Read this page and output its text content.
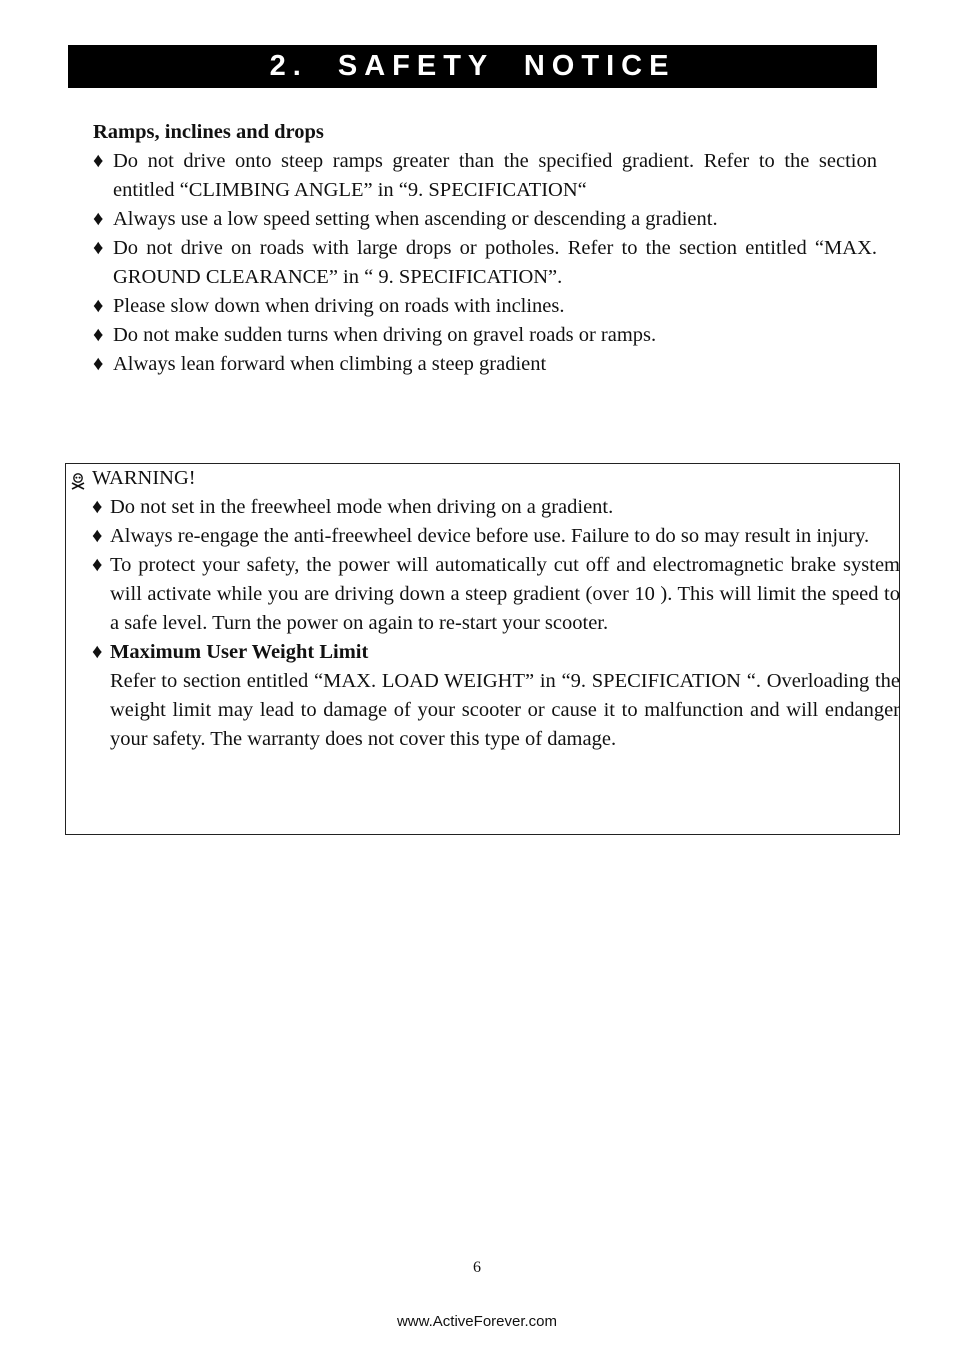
2.  SAFETY  NOTICE

Ramps, inclines and drops

♦ Do not drive onto steep ramps greater than the specified gradient. Refer to the section entitled “CLIMBING ANGLE” in “9. SPECIFICATION“
♦ Always use a low speed setting when ascending or descending a gradient.
♦ Do not drive on roads with large drops or potholes. Refer to the section entitled “MAX. GROUND CLEARANCE” in “ 9. SPECIFICATION”.
♦ Please slow down when driving on roads with inclines.
♦ Do not make sudden turns when driving on gravel roads or ramps.
♦ Always lean forward when climbing a steep gradient
WARNING!
♦ Do not set in the freewheel mode when driving on a gradient.
♦ Always re-engage the anti-freewheel device before use. Failure to do so may result in injury.
♦ To protect your safety, the power will automatically cut off and electromagnetic brake system will activate while you are driving down a steep gradient (over 10 ). This will limit the speed to a safe level. Turn the power on again to re-start your scooter.
♦ Maximum User Weight Limit

Refer to section entitled “MAX. LOAD WEIGHT” in “9. SPECIFICATION “. Overloading the weight limit may lead to damage of your scooter or cause it to malfunction and will endanger your safety. The warranty does not cover this type of damage.

6
www.ActiveForever.com
